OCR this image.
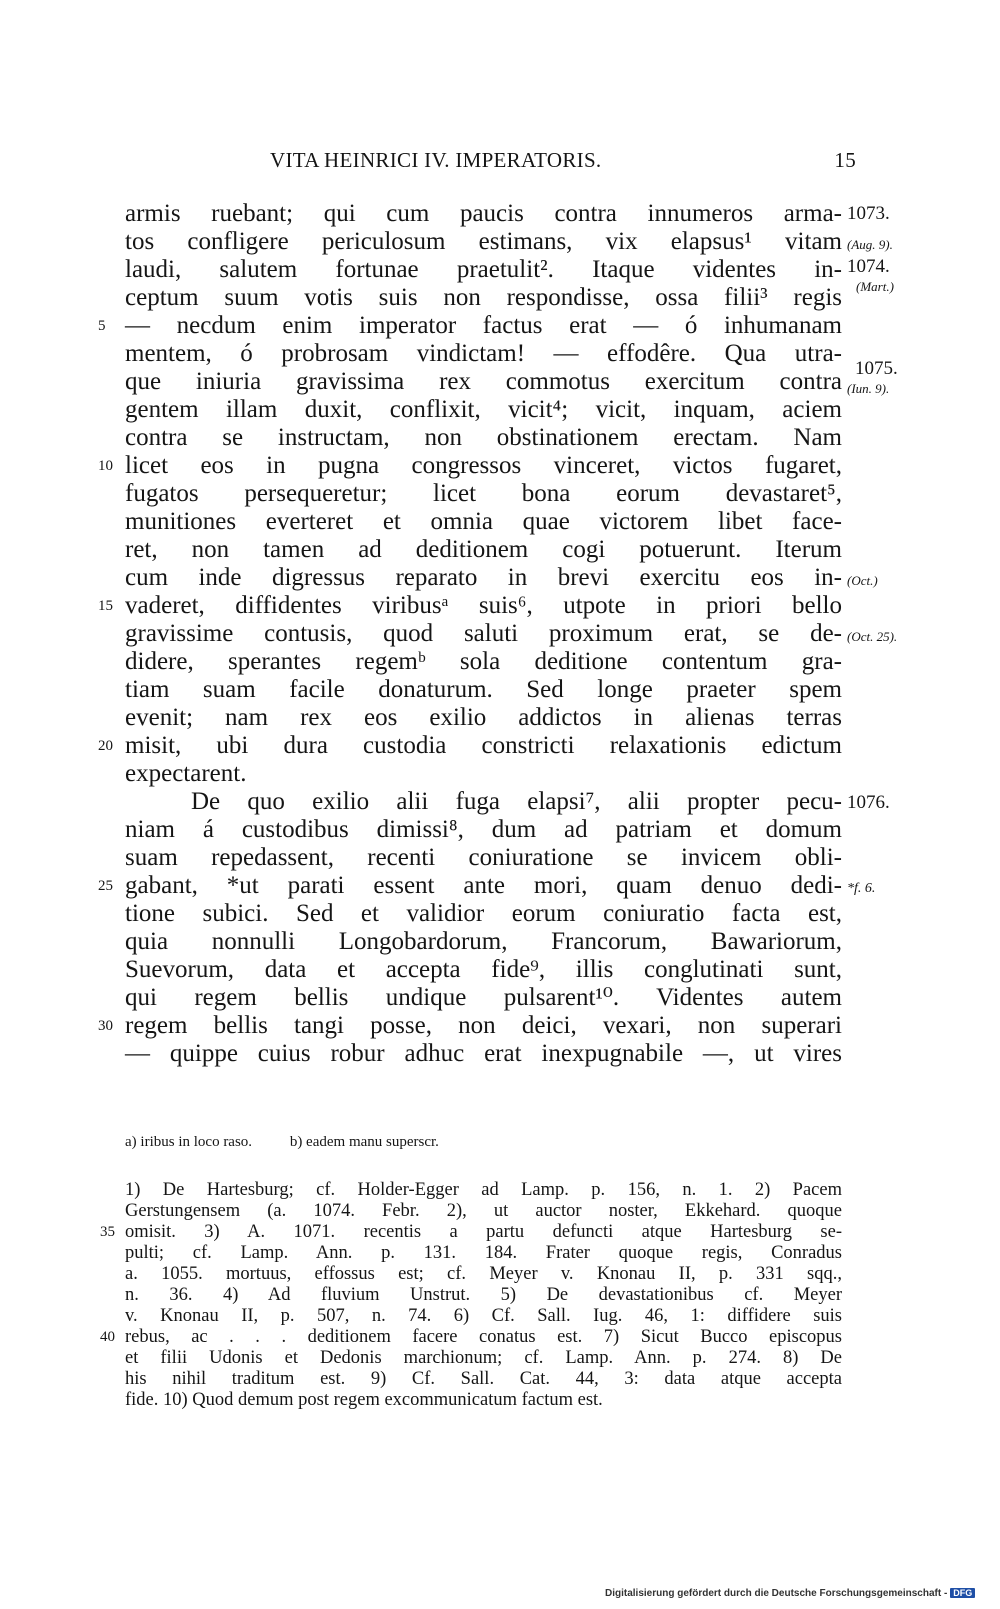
VITA HEINRICI IV. IMPERATORIS.	15
armis ruebant; qui cum paucis contra innumeros arma-
tos confligere periculosum estimans, vix elapsus¹ vitam
laudi, salutem fortunae praetulit². Itaque videntes in-
ceptum suum votis suis non respondisse, ossa filii³ regis
— necdum enim imperator factus erat — ó inhumanam
mentem, ó probrosam vindictam! — effodêre. Qua utra-
que iniuria gravissima rex commotus exercitum contra
gentem illam duxit, conflixit, vicit⁴; vicit, inquam, aciem
contra se instructam, non obstinationem erectam. Nam
licet eos in pugna congressos vinceret, victos fugaret,
fugatos persequeretur; licet bona eorum devastaret⁵,
munitiones everteret et omnia quae victorem libet face-
ret, non tamen ad deditionem cogi potuerunt. Iterum
cum inde digressus reparato in brevi exercitu eos in-
vaderet, diffidentes viribusᵃ suis⁶, utpote in priori bello
gravissime contusis, quod saluti proximum erat, se de-
didere, sperantes regemᵇ sola deditione contentum gra-
tiam suam facile donaturum. Sed longe praeter spem
evenit; nam rex eos exilio addictos in alienas terras
misit, ubi dura custodia constricti relaxationis edictum
expectarent.
De quo exilio alii fuga elapsi⁷, alii propter pecu-
niam á custodibus dimissi⁸, dum ad patriam et domum
suam repedassent, recenti coniuratione se invicem obli-
gabant, *ut parati essent ante mori, quam denuo dedi-
tione subici. Sed et validior eorum coniuratio facta est,
quia nonnulli Longobardorum, Francorum, Bawariorum,
Suevorum, data et accepta fide⁹, illis conglutinati sunt,
qui regem bellis undique pulsarent¹⁰. Videntes autem
regem bellis tangi posse, non deici, vexari, non superari
— quippe cuius robur adhuc erat inexpugnabile —, ut vires
5
10
15
20
25
30
1073.
(Aug. 9).
1074.
(Mart.)
1075.
(Iun. 9).
(Oct.)
(Oct. 25).
1076.
*f. 6.
a) iribus in loco raso.	b) eadem manu superscr.
1) De Hartesburg; cf. Holder-Egger ad Lamp. p. 156, n. 1. 2) Pacem
Gerstungensem (a. 1074. Febr. 2), ut auctor noster, Ekkehard. quoque
omisit. 3) A. 1071. recentis a partu defuncti atque Hartesburg se-
pulti; cf. Lamp. Ann. p. 131. 184. Frater quoque regis, Conradus
a. 1055. mortuus, effossus est; cf. Meyer v. Knonau II, p. 331 sqq.,
n. 36. 4) Ad fluvium Unstrut. 5) De devastationibus cf. Meyer
v. Knonau II, p. 507, n. 74. 6) Cf. Sall. Iug. 46, 1: diffidere suis
rebus, ac . . . deditionem facere conatus est. 7) Sicut Bucco episcopus
et filii Udonis et Dedonis marchionum; cf. Lamp. Ann. p. 274. 8) De
his nihil traditum est. 9) Cf. Sall. Cat. 44, 3: data atque accepta
fide. 10) Quod demum post regem excommunicatum factum est.
35
40
Digitalisierung gefördert durch die Deutsche Forschungsgemeinschaft - DFG
